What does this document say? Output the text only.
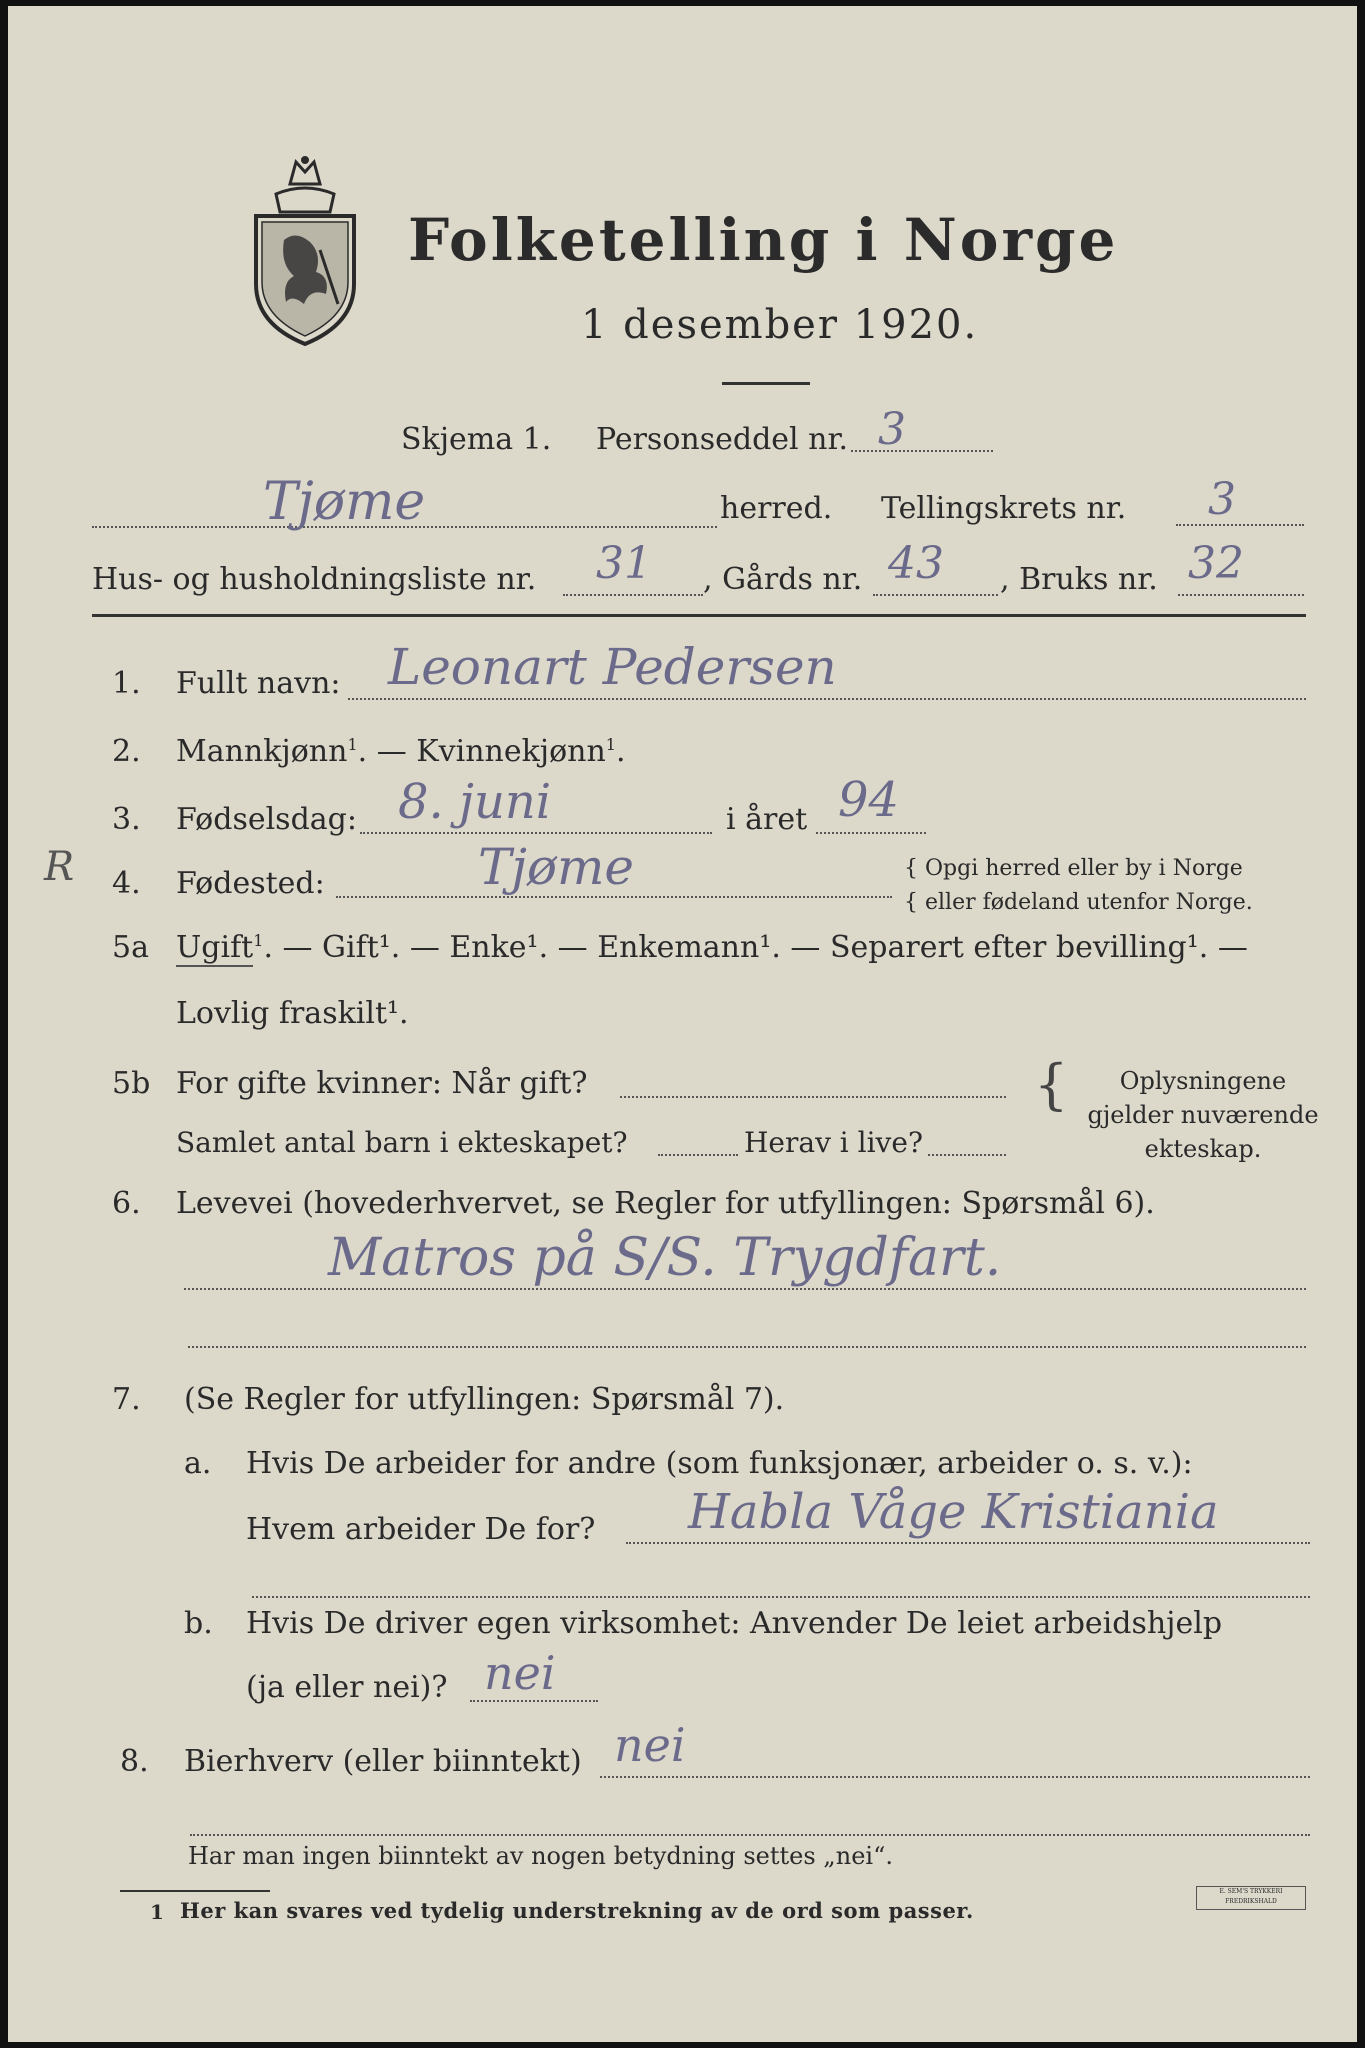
Folketelling i Norge
1 desember 1920.
Skjema 1. Personseddel nr. 3
Tjøme	herred. Tellingskrets nr. 3
Hus- og husholdningsliste nr. 31 , Gårds nr. 43 , Bruks nr. 32
1.	Fullt navn: Leonart Pedersen
2.	Mannkjønn$^1$. — Kvinnekjønn$^1$.
3.	Fødselsdag: 8. juni	i året 94
R 4.	Fødested:	Tjøme	{ Opgi herred eller by i Norge
{ eller fødeland utenfor Norge.
5a Ugift$^1$. — Gift¹. — Enke¹. — Enkemann¹. — Separert efter bevilling¹. —
Lovlig fraskilt¹.
5b For gifte kvinner: Når gift?
Samlet antal barn i ekteskapet?	Herav i live?
{	Oplysningene
gjelder nuværende
ekteskap.
6.	Levevei (hovederhvervet, se Regler for utfyllingen: Spørsmål 6).
Matros på S/S. Trygdfart.
7.	(Se Regler for utfyllingen: Spørsmål 7).
a. Hvis De arbeider for andre (som funksjonær, arbeider o. s. v.):
Hvem arbeider De for? Habla Våge Kristiania
b. Hvis De driver egen virksomhet: Anvender De leiet arbeidshjelp
(ja eller nei)? nei
8.	Bierhverv (eller biinntekt) nei
Har man ingen biinntekt av nogen betydning settes „nei“.
1 Her kan svares ved tydelig understrekning av de ord som passer.
E. SEM'S TRYKKERI FREDRIKSHALD
